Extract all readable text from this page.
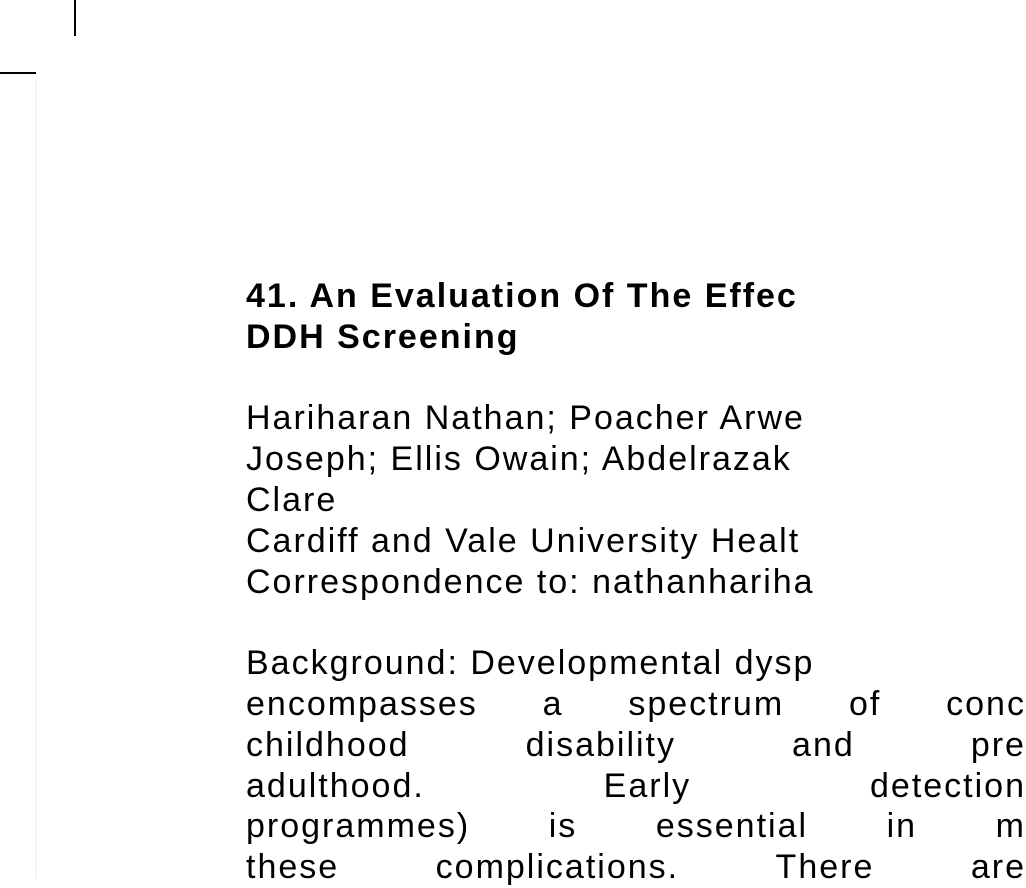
41. An Evaluation Of The Effec
DDH Screening
Hariharan Nathan; Poacher Arwe
Joseph; Ellis Owain; Abdelrazak
Clare
Cardiff and Vale University Healt
Correspondence to: nathanhariha
Background: Developmental dysp
encompasses a spectrum of conc
childhood	disability	and	pre
adulthood.	Early	detection
programmes) is essential in m
these	complications.	There	are
